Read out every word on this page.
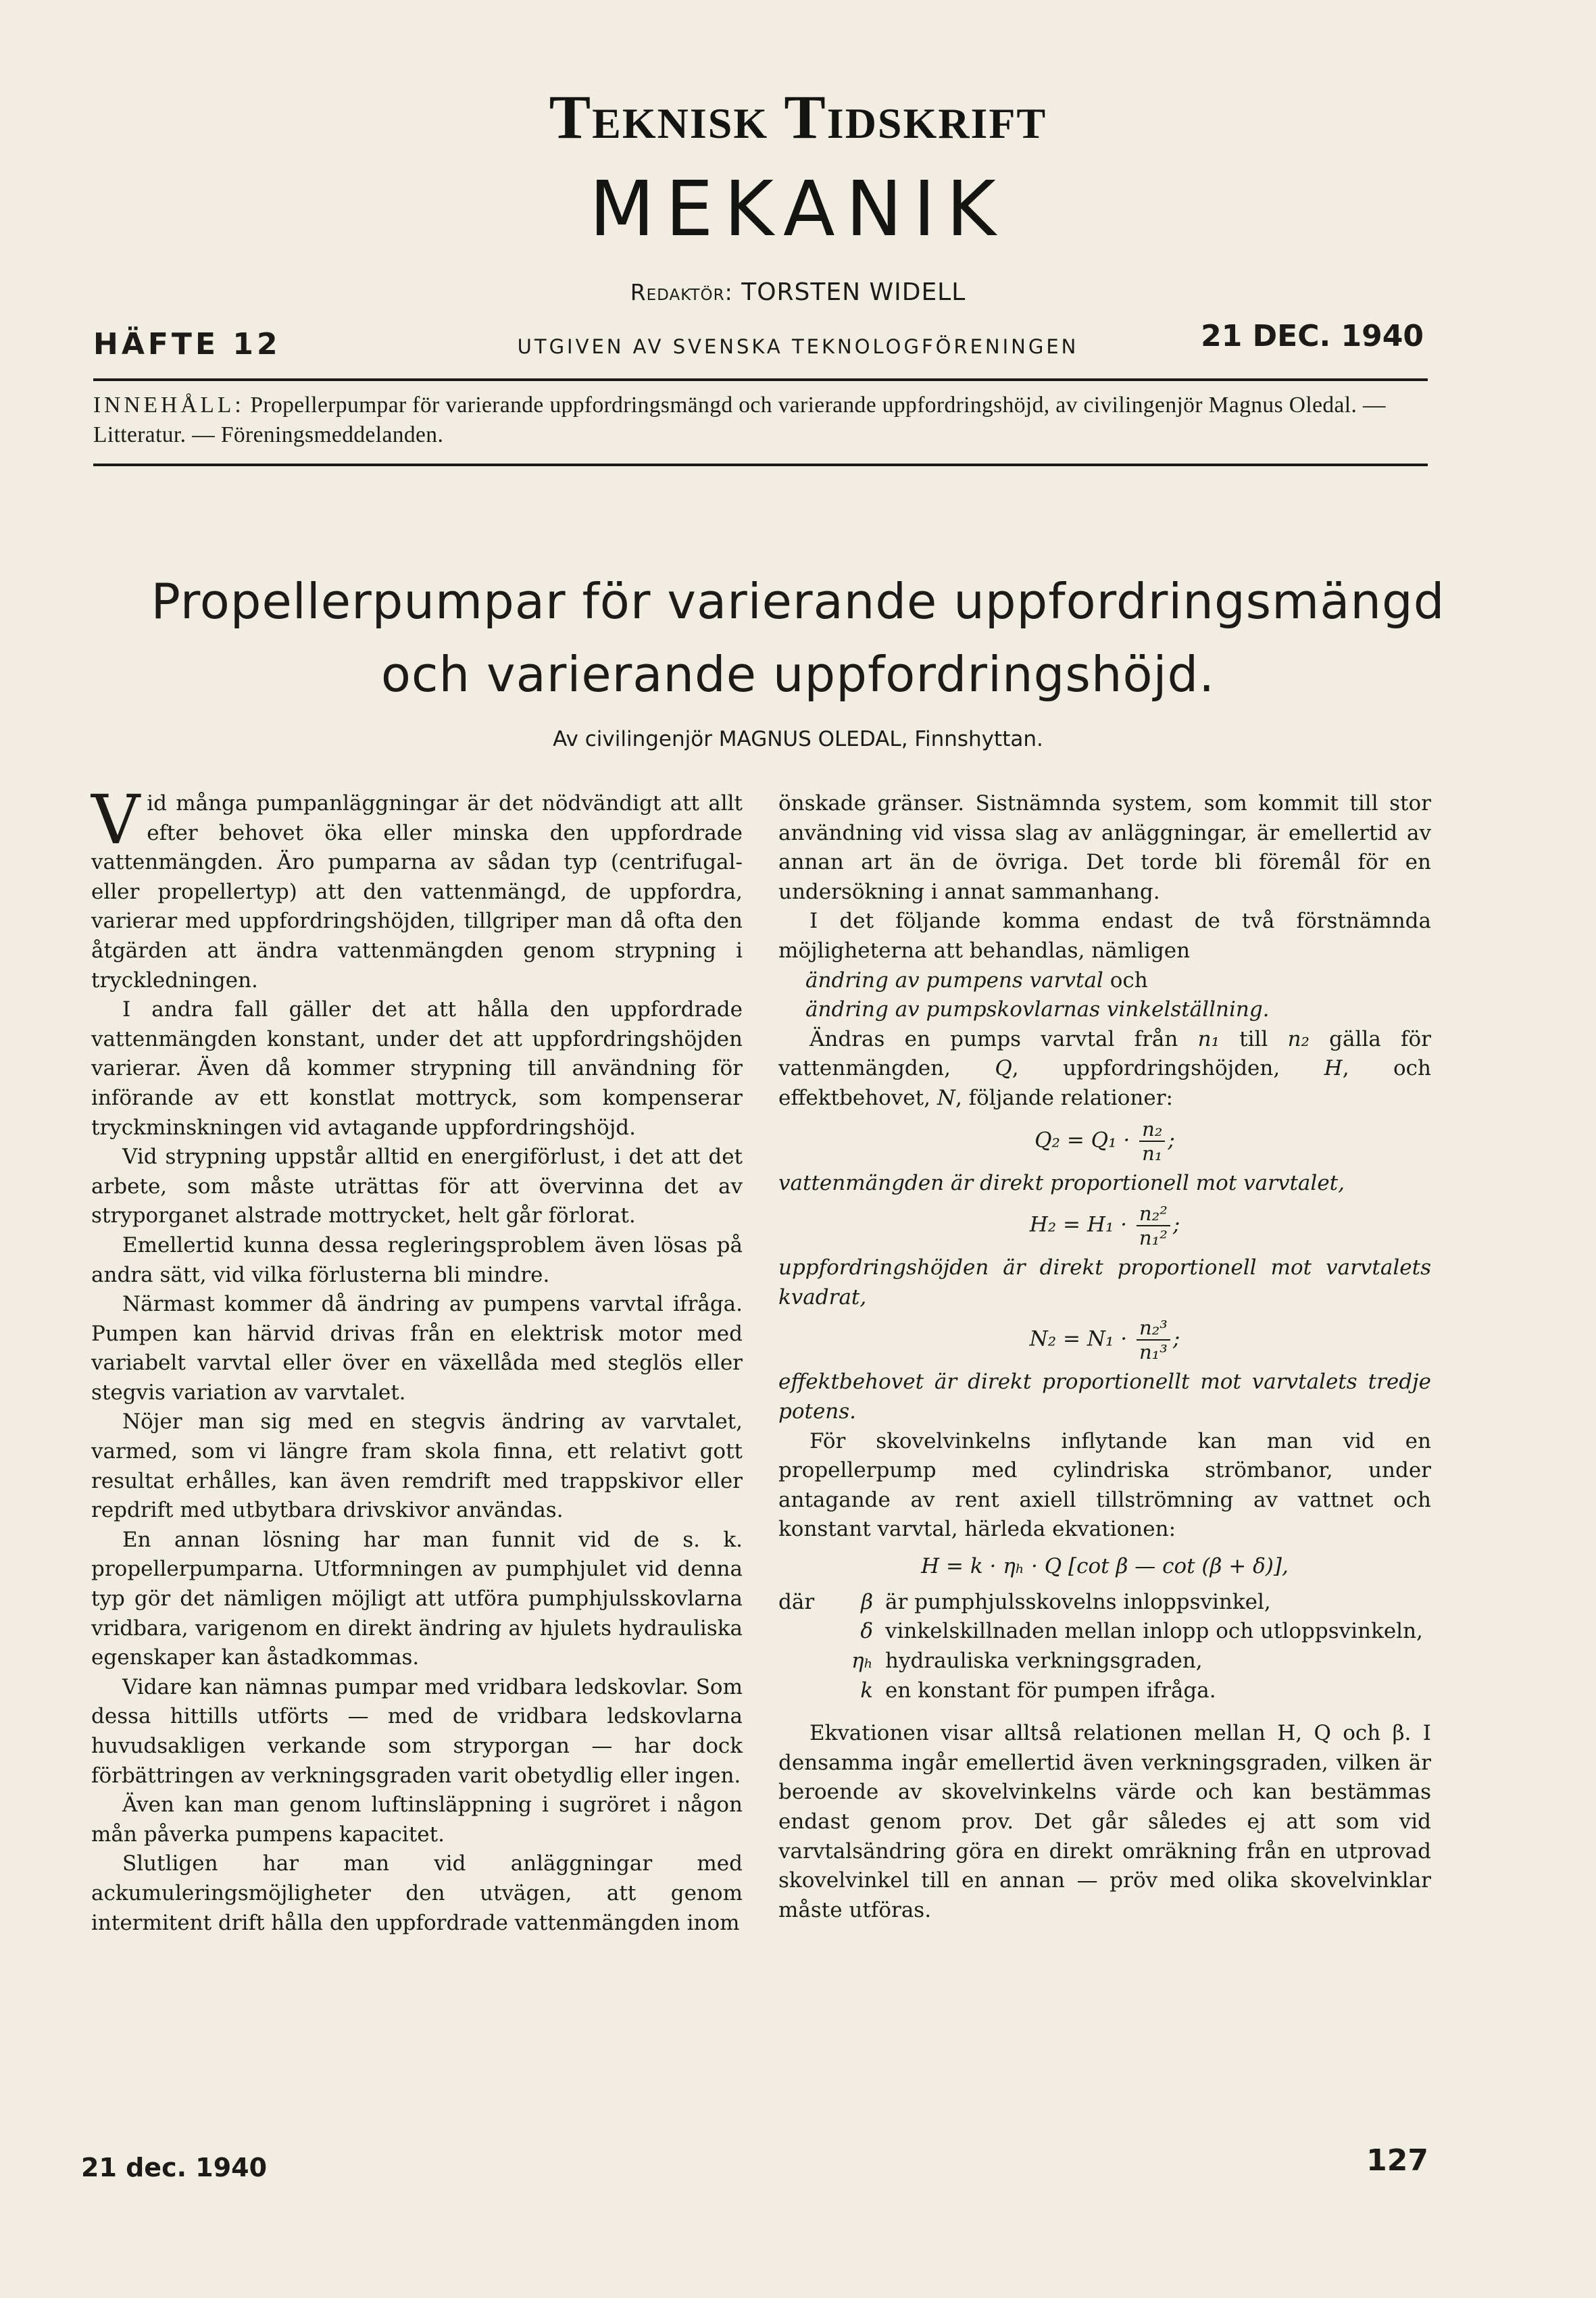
Teknisk Tidskrift
MEKANIK
Redaktör: TORSTEN WIDELL
HÄFTE 12	UTGIVEN AV SVENSKA TEKNOLOGFÖRENINGEN	21 DEC. 1940
INNEHÅLL: Propellerpumpar för varierande uppfordringsmängd och varierande uppfordringshöjd, av civilingenjör Magnus Oledal. — Litteratur. — Föreningsmeddelanden.
Propellerpumpar för varierande uppfordringsmängd
och varierande uppfordringshöjd.
Av civilingenjör MAGNUS OLEDAL, Finnshyttan.

Vid många pumpanläggningar är det nödvändigt att allt efter behovet öka eller minska den uppfordrade vattenmängden. Äro pumparna av sådan typ (centrifugal- eller propellertyp) att den vattenmängd, de uppfordra, varierar med uppfordringshöjden, tillgriper man då ofta den åtgärden att ändra vattenmängden genom strypning i tryckledningen.

I andra fall gäller det att hålla den uppfordrade vattenmängden konstant, under det att uppfordringshöjden varierar. Även då kommer strypning till användning för införande av ett konstlat mottryck, som kompenserar tryckminskningen vid avtagande uppfordringshöjd.

Vid strypning uppstår alltid en energiförlust, i det att det arbete, som måste uträttas för att övervinna det av stryporganet alstrade mottrycket, helt går förlorat.

Emellertid kunna dessa regleringsproblem även lösas på andra sätt, vid vilka förlusterna bli mindre.

Närmast kommer då ändring av pumpens varvtal ifråga. Pumpen kan härvid drivas från en elektrisk motor med variabelt varvtal eller över en växellåda med steglös eller stegvis variation av varvtalet.

Nöjer man sig med en stegvis ändring av varvtalet, varmed, som vi längre fram skola finna, ett relativt gott resultat erhålles, kan även remdrift med trappskivor eller repdrift med utbytbara drivskivor användas.

En annan lösning har man funnit vid de s. k. propellerpumparna. Utformningen av pumphjulet vid denna typ gör det nämligen möjligt att utföra pumphjulsskovlarna vridbara, varigenom en direkt ändring av hjulets hydrauliska egenskaper kan åstadkommas.

Vidare kan nämnas pumpar med vridbara ledskovlar. Som dessa hittills utförts — med de vridbara ledskovlarna huvudsakligen verkande som stryporgan — har dock förbättringen av verkningsgraden varit obetydlig eller ingen.

Även kan man genom luftinsläppning i sugröret i någon mån påverka pumpens kapacitet.

Slutligen har man vid anläggningar med ackumuleringsmöjligheter den utvägen, att genom intermitent drift hålla den uppfordrade vattenmängden inom

önskade gränser. Sistnämnda system, som kommit till stor användning vid vissa slag av anläggningar, är emellertid av annan art än de övriga. Det torde bli föremål för en undersökning i annat sammanhang.

I det följande komma endast de två förstnämnda möjligheterna att behandlas, nämligen

ändring av pumpens varvtal och

ändring av pumpskovlarnas vinkelställning.

Ändras en pumps varvtal från n₁ till n₂ gälla för vattenmängden, Q, uppfordringshöjden, H, och effektbehovet, N, följande relationer:

$Q_2 = Q_1 \cdot \frac{\text{n₂}}{\text{n₁}}$ ;

vattenmängden är direkt proportionell mot varvtalet,

$H_2 = H_1 \cdot \frac{\text{n₂²}}{\text{n₁²}}$ ;

uppfordringshöjden är direkt proportionell mot varvtalets kvadrat,

$N_2 = N_1 \cdot \frac{\text{n₂³}}{\text{n₁³}}$ ;

effektbehovet är direkt proportionellt mot varvtalets tredje potens.

För skovelvinkelns inflytande kan man vid en propellerpump med cylindriska strömbanor, under antagande av rent axiell tillströmning av vattnet och konstant varvtal, härleda ekvationen:

H = k · ηₕ · Q [cot β — cot (β + δ)],
där β är pumphjulsskovelns inloppsvinkel,
δ vinkelskillnaden mellan inlopp och utloppsvinkeln,
ηₕ hydrauliska verkningsgraden,
k en konstant för pumpen ifråga.

Ekvationen visar alltså relationen mellan H, Q och β. I densamma ingår emellertid även verkningsgraden, vilken är beroende av skovelvinkelns värde och kan bestämmas endast genom prov. Det går således ej att som vid varvtalsändring göra en direkt omräkning från en utprovad skovelvinkel till en annan — pröv med olika skovelvinklar måste utföras.

21 dec. 1940	127
